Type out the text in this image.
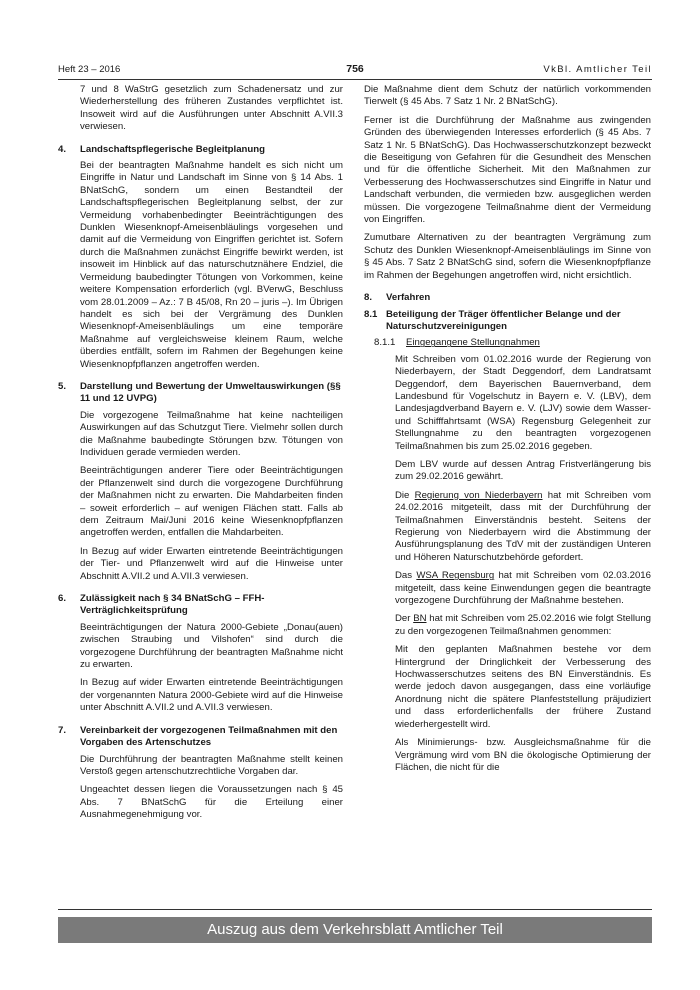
Heft 23 – 2016	756	VkBl. Amtlicher Teil

7 und 8 WaStrG gesetzlich zum Schadenersatz und zur Wiederherstellung des früheren Zustandes verpflichtet ist. Insoweit wird auf die Ausführungen unter Abschnitt A.VII.3 verwiesen.

4.	Landschaftspflegerische Begleitplanung

Bei der beantragten Maßnahme handelt es sich nicht um Eingriffe in Natur und Landschaft im Sinne von § 14 Abs. 1 BNatSchG, sondern um einen Bestandteil der Landschaftspflegerischen Begleitplanung selbst, der zur Vermeidung vorhabenbedingter Beeinträchtigungen des Dunklen Wiesenknopf-Ameisenbläulings vorgesehen und damit auf die Vermeidung von Eingriffen gerichtet ist. Sofern durch die Maßnahmen zunächst Eingriffe bewirkt werden, ist insoweit im Hinblick auf das naturschutznähere Endziel, die Vermeidung baubedingter Tötungen von Vorkommen, keine weitere Kompensation erforderlich (vgl. BVerwG, Beschluss vom 28.01.2009 – Az.: 7 B 45/08, Rn 20 – juris –). Im Übrigen handelt es sich bei der Vergrämung des Dunklen Wiesenknopf-Ameisenbläulings um eine temporäre Maßnahme auf vergleichsweise kleinem Raum, welche überdies entfällt, sofern im Rahmen der Begehungen keine Wiesenknopfpflanzen angetroffen werden.

5.	Darstellung und Bewertung der Umweltauswirkungen (§§ 11 und 12 UVPG)

Die vorgezogene Teilmaßnahme hat keine nachteiligen Auswirkungen auf das Schutzgut Tiere. Vielmehr sollen durch die Maßnahme baubedingte Störungen bzw. Tötungen von Individuen gerade vermieden werden.

Beeinträchtigungen anderer Tiere oder Beeinträchtigungen der Pflanzenwelt sind durch die vorgezogene Durchführung der Maßnahmen nicht zu erwarten. Die Mahdarbeiten finden – soweit erforderlich – auf wenigen Flächen statt. Falls ab dem Zeitraum Mai/Juni 2016 keine Wiesenknopfpflanzen angetroffen werden, entfallen die Mahdarbeiten.

In Bezug auf wider Erwarten eintretende Beeinträchtigungen der Tier- und Pflanzenwelt wird auf die Hinweise unter Abschnitt A.VII.2 und A.VII.3 verwiesen.

6.	Zulässigkeit nach § 34 BNatSchG – FFH-Verträglichkeitsprüfung

Beeinträchtigungen der Natura 2000-Gebiete „Donau(auen) zwischen Straubing und Vilshofen“ sind durch die vorgezogene Durchführung der beantragten Maßnahme nicht zu erwarten.

In Bezug auf wider Erwarten eintretende Beeinträchtigungen der vorgenannten Natura 2000-Gebiete wird auf die Hinweise unter Abschnitt A.VII.2 und A.VII.3 verwiesen.

7.	Vereinbarkeit der vorgezogenen Teilmaßnahmen mit den Vorgaben des Artenschutzes

Die Durchführung der beantragten Maßnahme stellt keinen Verstoß gegen artenschutzrechtliche Vorgaben dar.

Ungeachtet dessen liegen die Voraussetzungen nach § 45 Abs. 7 BNatSchG für die Erteilung einer Ausnahmegenehmigung vor.

Die Maßnahme dient dem Schutz der natürlich vorkommenden Tierwelt (§ 45 Abs. 7 Satz 1 Nr. 2 BNatSchG).

Ferner ist die Durchführung der Maßnahme aus zwingenden Gründen des überwiegenden Interesses erforderlich (§ 45 Abs. 7 Satz 1 Nr. 5 BNatSchG). Das Hochwasserschutzkonzept bezweckt die Beseitigung von Gefahren für die Gesundheit des Menschen und für die öffentliche Sicherheit. Mit den Maßnahmen zur Verbesserung des Hochwasserschutzes sind Eingriffe in Natur und Landschaft verbunden, die vermieden bzw. ausgeglichen werden müssen. Die vorgezogene Teilmaßnahme dient der Vermeidung von Eingriffen.

Zumutbare Alternativen zu der beantragten Vergrämung zum Schutz des Dunklen Wiesenknopf-Ameisenbläulings im Sinne von § 45 Abs. 7 Satz 2 BNatSchG sind, sofern die Wiesenknopfpflanze im Rahmen der Begehungen angetroffen wird, nicht ersichtlich.

8.	Verfahren
8.1 Beteiligung der Träger öffentlicher Belange und der Naturschutzvereinigungen
8.1.1	Eingegangene Stellungnahmen

Mit Schreiben vom 01.02.2016 wurde der Regierung von Niederbayern, der Stadt Deggendorf, dem Landratsamt Deggendorf, dem Bayerischen Bauernverband, dem Landesbund für Vogelschutz in Bayern e. V. (LBV), dem Landesjagdverband Bayern e. V. (LJV) sowie dem Wasser- und Schifffahrtsamt (WSA) Regensburg Gelegenheit zur Stellungnahme zu den beantragten vorgezogenen Teilmaßnahmen bis zum 25.02.2016 gegeben.

Dem LBV wurde auf dessen Antrag Fristverlängerung bis zum 29.02.2016 gewährt.

Die Regierung von Niederbayern hat mit Schreiben vom 24.02.2016 mitgeteilt, dass mit der Durchführung der Teilmaßnahmen Einverständnis besteht. Seitens der Regierung von Niederbayern wird die Abstimmung der Ausführungsplanung des TdV mit der zuständigen Unteren und Höheren Naturschutzbehörde gefordert.

Das WSA Regensburg hat mit Schreiben vom 02.03.2016 mitgeteilt, dass keine Einwendungen gegen die beantragte vorgezogene Durchführung der Maßnahme bestehen.

Der BN hat mit Schreiben vom 25.02.2016 wie folgt Stellung zu den vorgezogenen Teilmaßnahmen genommen:

Mit den geplanten Maßnahmen bestehe vor dem Hintergrund der Dringlichkeit der Verbesserung des Hochwasserschutzes seitens des BN Einverständnis. Es werde jedoch davon ausgegangen, dass eine vorläufige Anordnung nicht die spätere Planfeststellung präjudiziert und dass erforderlichenfalls der frühere Zustand wiederhergestellt wird.

Als Minimierungs- bzw. Ausgleichsmaßnahme für die Vergrämung wird vom BN die ökologische Optimierung der Flächen, die nicht für die

Auszug aus dem Verkehrsblatt Amtlicher Teil
